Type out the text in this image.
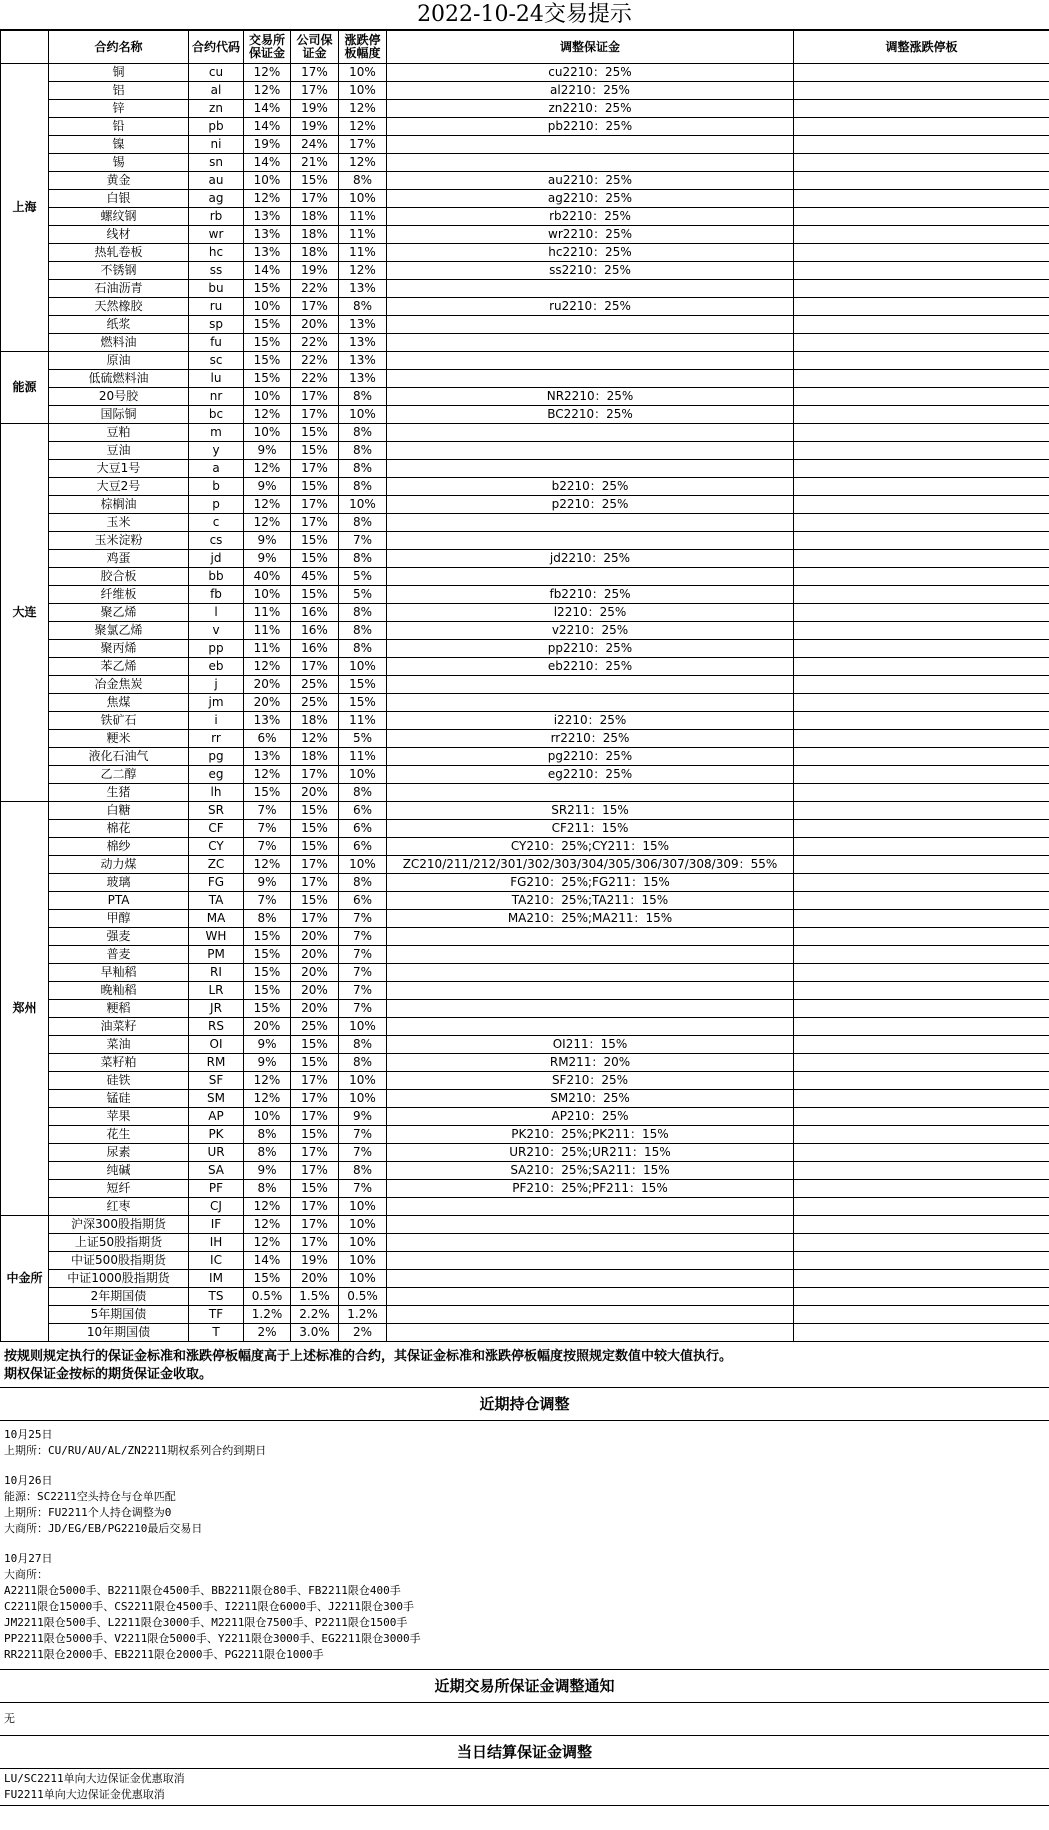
2022-10-24交易提示
	合约名称	合约代码	交易所保证金	公司保证金	涨跌停板幅度	调整保证金	调整涨跌停板
上海	铜	cu	12%	17%	10%	cu2210：25%	
	铝	al	12%	17%	10%	al2210：25%	
	锌	zn	14%	19%	12%	zn2210：25%	
	铅	pb	14%	19%	12%	pb2210：25%	
	镍	ni	19%	24%	17%		
	锡	sn	14%	21%	12%		
	黄金	au	10%	15%	8%	au2210：25%	
	白银	ag	12%	17%	10%	ag2210：25%	
	螺纹钢	rb	13%	18%	11%	rb2210：25%	
	线材	wr	13%	18%	11%	wr2210：25%	
	热轧卷板	hc	13%	18%	11%	hc2210：25%	
	不锈钢	ss	14%	19%	12%	ss2210：25%	
	石油沥青	bu	15%	22%	13%		
	天然橡胶	ru	10%	17%	8%	ru2210：25%	
	纸浆	sp	15%	20%	13%		
	燃料油	fu	15%	22%	13%		
能源	原油	sc	15%	22%	13%		
	低硫燃料油	lu	15%	22%	13%		
	20号胶	nr	10%	17%	8%	NR2210：25%	
	国际铜	bc	12%	17%	10%	BC2210：25%	
大连	豆粕	m	10%	15%	8%		
	豆油	y	9%	15%	8%		
	大豆1号	a	12%	17%	8%		
	大豆2号	b	9%	15%	8%	b2210：25%	
	棕榈油	p	12%	17%	10%	p2210：25%	
	玉米	c	12%	17%	8%		
	玉米淀粉	cs	9%	15%	7%		
	鸡蛋	jd	9%	15%	8%	jd2210：25%	
	胶合板	bb	40%	45%	5%		
	纤维板	fb	10%	15%	5%	fb2210：25%	
	聚乙烯	l	11%	16%	8%	l2210：25%	
	聚氯乙烯	v	11%	16%	8%	v2210：25%	
	聚丙烯	pp	11%	16%	8%	pp2210：25%	
	苯乙烯	eb	12%	17%	10%	eb2210：25%	
	冶金焦炭	j	20%	25%	15%		
	焦煤	jm	20%	25%	15%		
	铁矿石	i	13%	18%	11%	i2210：25%	
	粳米	rr	6%	12%	5%	rr2210：25%	
	液化石油气	pg	13%	18%	11%	pg2210：25%	
	乙二醇	eg	12%	17%	10%	eg2210：25%	
	生猪	lh	15%	20%	8%		
郑州	白糖	SR	7%	15%	6%	SR211：15%	
	棉花	CF	7%	15%	6%	CF211：15%	
	棉纱	CY	7%	15%	6%	CY210：25%;CY211：15%	
	动力煤	ZC	12%	17%	10%	ZC210/211/212/301/302/303/304/305/306/307/308/309：55%	
	玻璃	FG	9%	17%	8%	FG210：25%;FG211：15%	
	PTA	TA	7%	15%	6%	TA210：25%;TA211：15%	
	甲醇	MA	8%	17%	7%	MA210：25%;MA211：15%	
	强麦	WH	15%	20%	7%		
	普麦	PM	15%	20%	7%		
	早籼稻	RI	15%	20%	7%		
	晚籼稻	LR	15%	20%	7%		
	粳稻	JR	15%	20%	7%		
	油菜籽	RS	20%	25%	10%		
	菜油	OI	9%	15%	8%	OI211：15%	
	菜籽粕	RM	9%	15%	8%	RM211：20%	
	硅铁	SF	12%	17%	10%	SF210：25%	
	锰硅	SM	12%	17%	10%	SM210：25%	
	苹果	AP	10%	17%	9%	AP210：25%	
	花生	PK	8%	15%	7%	PK210：25%;PK211：15%	
	尿素	UR	8%	17%	7%	UR210：25%;UR211：15%	
	纯碱	SA	9%	17%	8%	SA210：25%;SA211：15%	
	短纤	PF	8%	15%	7%	PF210：25%;PF211：15%	
	红枣	CJ	12%	17%	10%		
中金所	沪深300股指期货	IF	12%	17%	10%		
	上证50股指期货	IH	12%	17%	10%		
	中证500股指期货	IC	14%	19%	10%		
	中证1000股指期货	IM	15%	20%	10%		
	2年期国债	TS	0.5%	1.5%	0.5%		
	5年期国债	TF	1.2%	2.2%	1.2%		
	10年期国债	T	2%	3.0%	2%		
按规则规定执行的保证金标准和涨跌停板幅度高于上述标准的合约，其保证金标准和涨跌停板幅度按照规定数值中较大值执行。
期权保证金按标的期货保证金收取。
近期持仓调整
10月25日
上期所：CU/RU/AU/AL/ZN2211期权系列合约到期日
10月26日
能源：SC2211空头持仓与仓单匹配
上期所：FU2211个人持仓调整为0
大商所：JD/EG/EB/PG2210最后交易日
10月27日
大商所：
A2211限仓5000手、B2211限仓4500手、BB2211限仓80手、FB2211限仓400手
C2211限仓15000手、CS2211限仓4500手、I2211限仓6000手、J2211限仓300手
JM2211限仓500手、L2211限仓3000手、M2211限仓7500手、P2211限仓1500手
PP2211限仓5000手、V2211限仓5000手、Y2211限仓3000手、EG2211限仓3000手
RR2211限仓2000手、EB2211限仓2000手、PG2211限仓1000手
近期交易所保证金调整通知
无
当日结算保证金调整
LU/SC2211单向大边保证金优惠取消
FU2211单向大边保证金优惠取消
